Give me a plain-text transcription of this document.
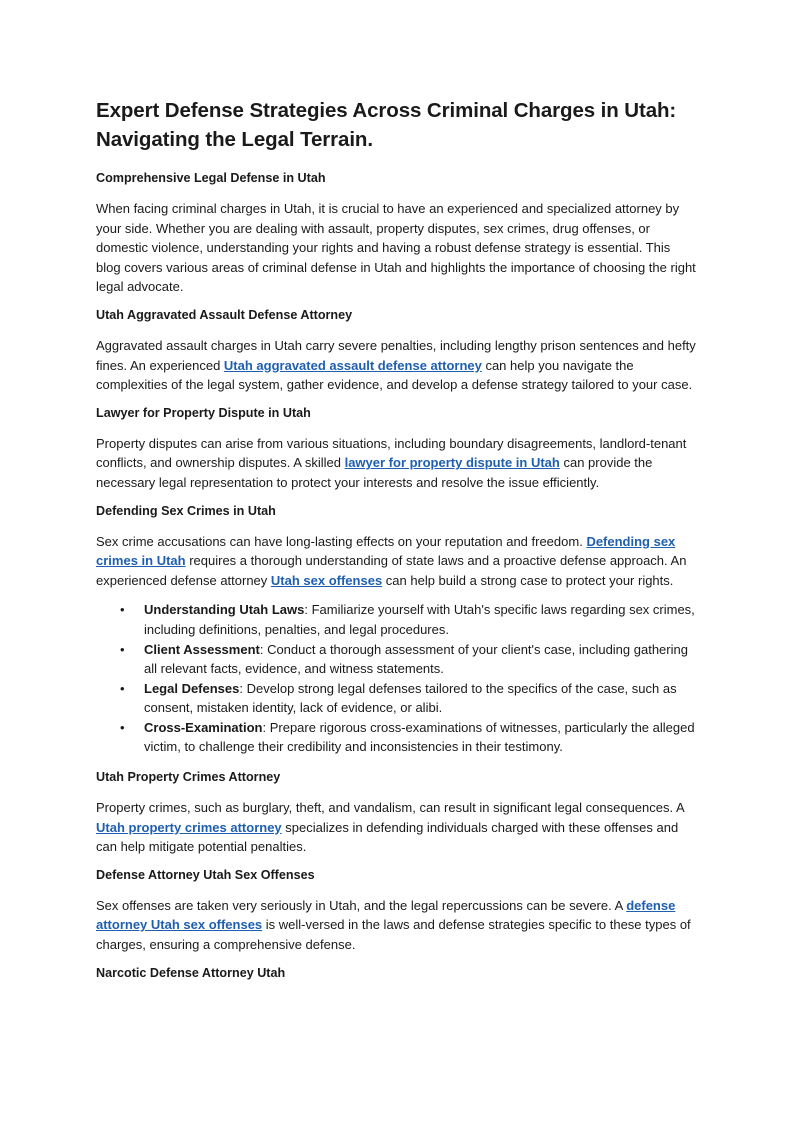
Expert Defense Strategies Across Criminal Charges in Utah: Navigating the Legal Terrain.
Comprehensive Legal Defense in Utah

When facing criminal charges in Utah, it is crucial to have an experienced and specialized attorney by your side. Whether you are dealing with assault, property disputes, sex crimes, drug offenses, or domestic violence, understanding your rights and having a robust defense strategy is essential. This blog covers various areas of criminal defense in Utah and highlights the importance of choosing the right legal advocate.

Utah Aggravated Assault Defense Attorney

Aggravated assault charges in Utah carry severe penalties, including lengthy prison sentences and hefty fines. An experienced Utah aggravated assault defense attorney can help you navigate the complexities of the legal system, gather evidence, and develop a defense strategy tailored to your case.

Lawyer for Property Dispute in Utah

Property disputes can arise from various situations, including boundary disagreements, landlord-tenant conflicts, and ownership disputes. A skilled lawyer for property dispute in Utah can provide the necessary legal representation to protect your interests and resolve the issue efficiently.

Defending Sex Crimes in Utah

Sex crime accusations can have long-lasting effects on your reputation and freedom. Defending sex crimes in Utah requires a thorough understanding of state laws and a proactive defense approach. An experienced defense attorney Utah sex offenses can help build a strong case to protect your rights.

• Understanding Utah Laws: Familiarize yourself with Utah's specific laws regarding sex crimes, including definitions, penalties, and legal procedures.
• Client Assessment: Conduct a thorough assessment of your client's case, including gathering all relevant facts, evidence, and witness statements.
• Legal Defenses: Develop strong legal defenses tailored to the specifics of the case, such as consent, mistaken identity, lack of evidence, or alibi.
• Cross-Examination: Prepare rigorous cross-examinations of witnesses, particularly the alleged victim, to challenge their credibility and inconsistencies in their testimony.
Utah Property Crimes Attorney

Property crimes, such as burglary, theft, and vandalism, can result in significant legal consequences. A Utah property crimes attorney specializes in defending individuals charged with these offenses and can help mitigate potential penalties.

Defense Attorney Utah Sex Offenses

Sex offenses are taken very seriously in Utah, and the legal repercussions can be severe. A defense attorney Utah sex offenses is well-versed in the laws and defense strategies specific to these types of charges, ensuring a comprehensive defense.

Narcotic Defense Attorney Utah
